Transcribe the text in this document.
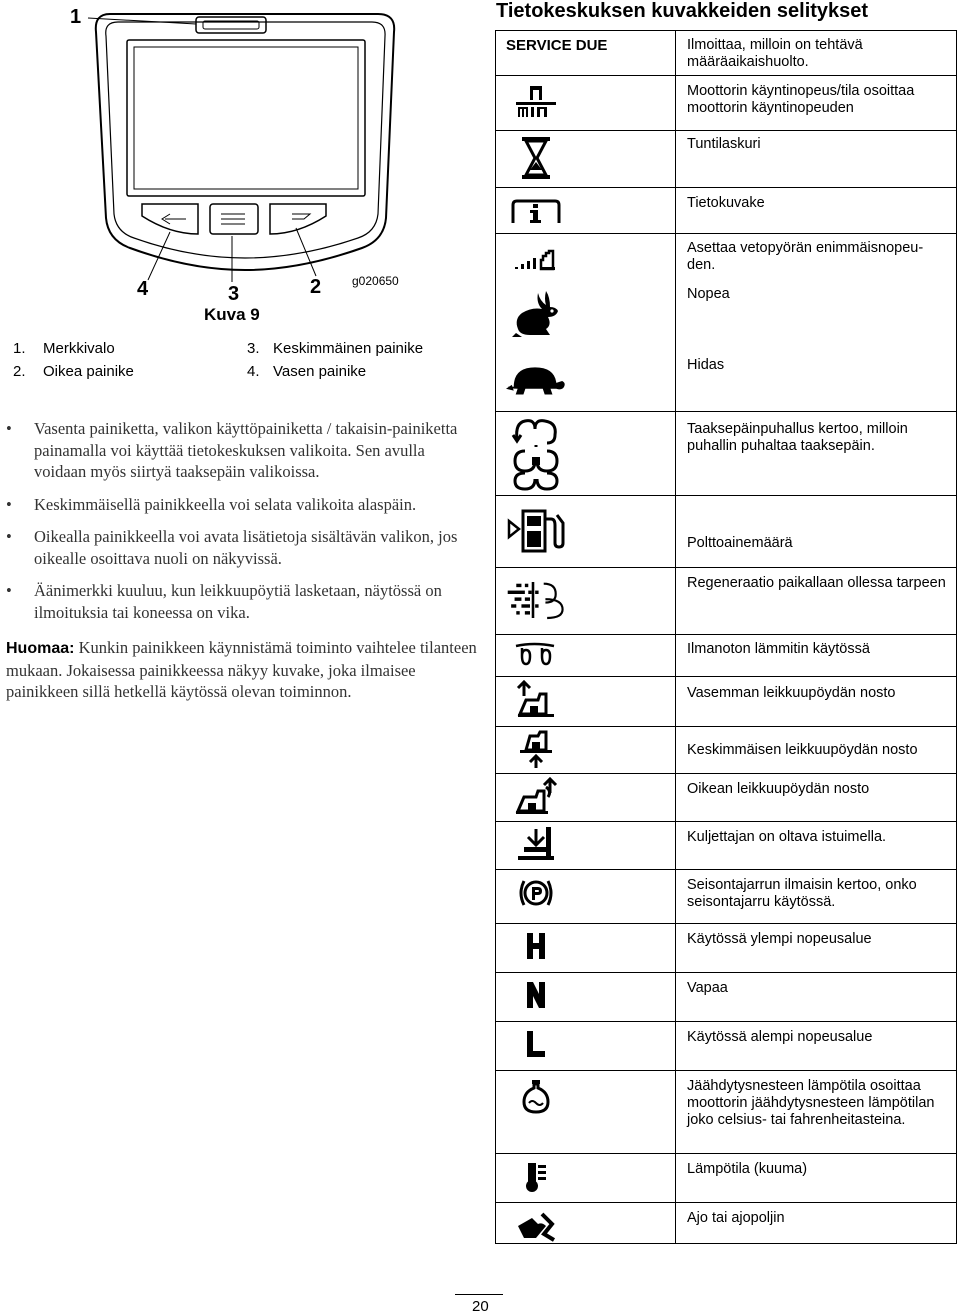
1
4	3	2	g020650
Kuva 9
1. Merkkivalo
2. Oikea painike
3. Keskimmäinen painike
4. Vasen painike
• Vasenta painiketta, valikon käyttöpainiketta / takaisin-painiketta painamalla voi käyttää tietokeskuksen valikoita. Sen avulla voidaan myös siirtyä taaksepäin valikoissa.
• Keskimmäisellä painikkeella voi selata valikoita alaspäin.
• Oikealla painikkeella voi avata lisätietoja sisältävän valikon, jos oikealle osoittava nuoli on näkyvissä.
• Äänimerkki kuuluu, kun leikkuupöytiä lasketaan, näytössä on ilmoituksia tai koneessa on vika.
Huomaa: Kunkin painikkeen käynnistämä toiminto vaihtelee tilanteen mukaan. Jokaisessa painikkeessa näkyy kuvake, joka ilmaisee painikkeen sillä hetkellä käytössä olevan toiminnon.
Tietokeskuksen kuvakkeiden selitykset
SERVICE DUE	Ilmoittaa, milloin on tehtävä määräaikaishuolto.
Moottorin käyntinopeus/tila osoittaa moottorin käyntinopeuden
Tuntilaskuri
Tietokuvake
Asettaa vetopyörän enimmäisnopeu-den.
Nopea
Hidas
Taaksepäinpuhallus kertoo, milloin puhallin puhaltaa taaksepäin.
Polttoainemäärä
Regeneraatio paikallaan ollessa tarpeen
Ilmanoton lämmitin käytössä
Vasemman leikkuupöydän nosto
Keskimmäisen leikkuupöydän nosto
Oikean leikkuupöydän nosto
Kuljettajan on oltava istuimella.
Seisontajarrun ilmaisin kertoo, onko seisontajarru käytössä.
Käytössä ylempi nopeusalue
Vapaa
Käytössä alempi nopeusalue
Jäähdytysnesteen lämpötila osoittaa moottorin jäähdytysnesteen lämpötilan joko celsius- tai fahrenheitasteina.
Lämpötila (kuuma)
Ajo tai ajopoljin
20
